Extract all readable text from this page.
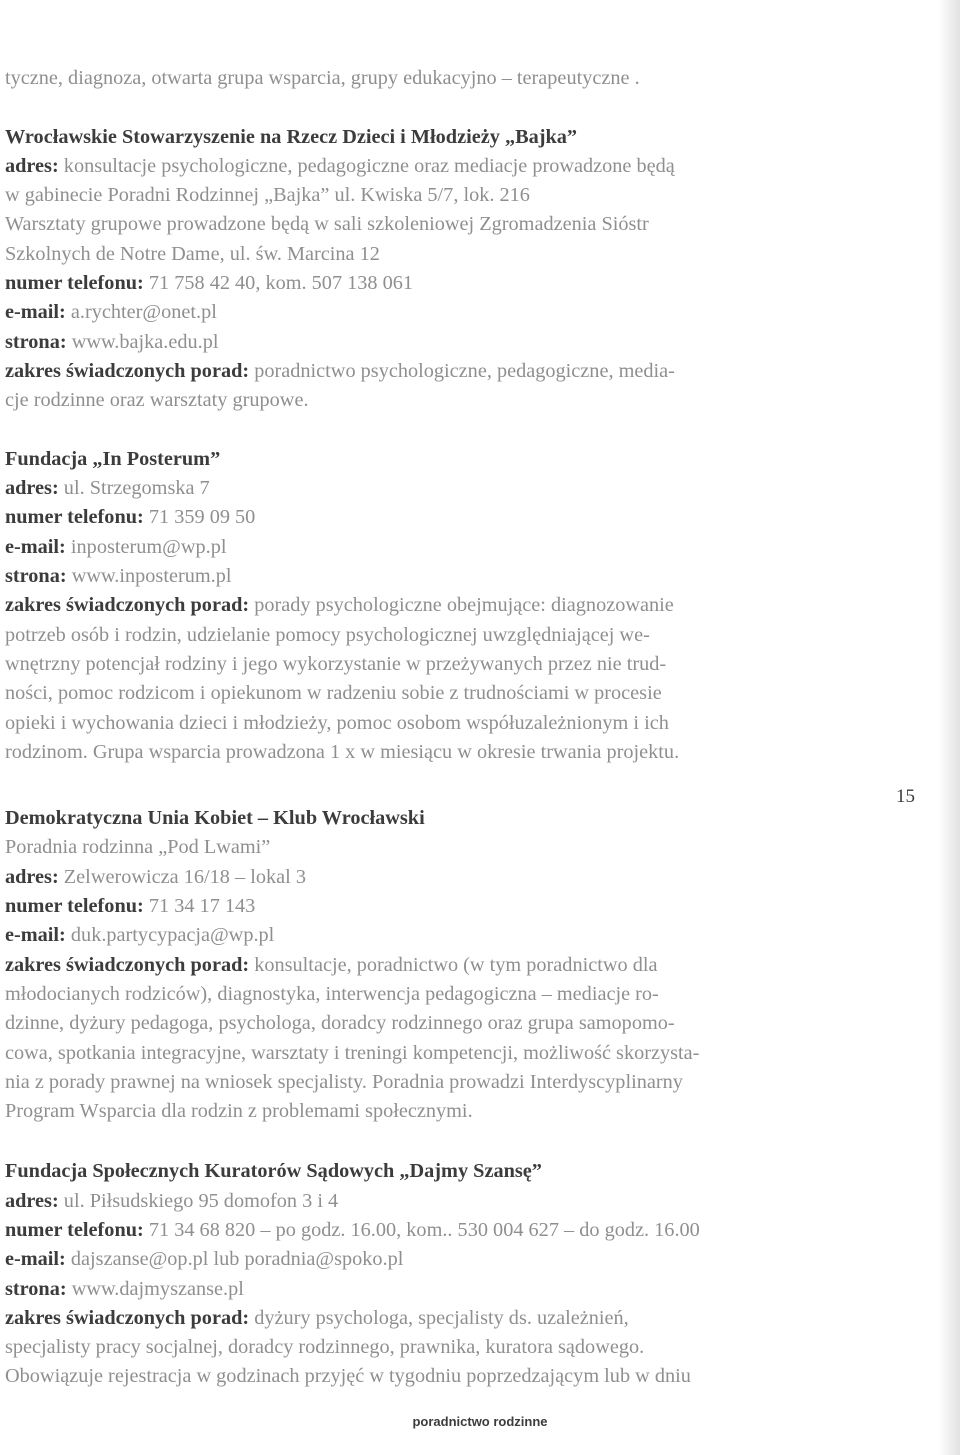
tyczne, diagnoza, otwarta grupa wsparcia, grupy edukacyjno – terapeutyczne .
Wrocławskie Stowarzyszenie na Rzecz Dzieci i Młodzieży „Bajka”
adres: konsultacje psychologiczne, pedagogiczne oraz mediacje prowadzone będą
w gabinecie Poradni Rodzinnej „Bajka” ul. Kwiska 5/7, lok. 216
Warsztaty grupowe prowadzone będą w sali szkoleniowej Zgromadzenia Sióstr
Szkolnych de Notre Dame, ul. św. Marcina 12
numer telefonu: 71 758 42 40, kom. 507 138 061
e-mail: a.rychter@onet.pl
strona: www.bajka.edu.pl
zakres świadczonych porad: poradnictwo psychologiczne, pedagogiczne, media-
cje rodzinne oraz warsztaty grupowe.
Fundacja „In Posterum”
adres: ul. Strzegomska 7
numer telefonu: 71 359 09 50
e-mail: inposterum@wp.pl
strona: www.inposterum.pl
zakres świadczonych porad: porady psychologiczne obejmujące: diagnozowanie
potrzeb osób i rodzin, udzielanie pomocy psychologicznej uwzględniającej we-
wnętrzny potencjał rodziny i jego wykorzystanie w przeżywanych przez nie trud-
ności, pomoc rodzicom i opiekunom w radzeniu sobie z trudnościami w procesie
opieki i wychowania dzieci i młodzieży, pomoc osobom współuzależnionym i ich
rodzinom. Grupa wsparcia prowadzona 1 x w miesiącu w okresie trwania projektu.
Demokratyczna Unia Kobiet – Klub Wrocławski
Poradnia rodzinna „Pod Lwami”
adres: Zelwerowicza 16/18 – lokal 3
numer telefonu: 71 34 17 143
e-mail: duk.partycypacja@wp.pl
zakres świadczonych porad: konsultacje, poradnictwo (w tym poradnictwo dla
młodocianych rodziców), diagnostyka, interwencja pedagogiczna – mediacje ro-
dzinne, dyżury pedagoga, psychologa, doradcy rodzinnego oraz grupa samopomo-
cowa, spotkania integracyjne, warsztaty i treningi kompetencji, możliwość skorzysta-
nia z porady prawnej na wniosek specjalisty. Poradnia prowadzi Interdyscyplinarny
Program Wsparcia dla rodzin z problemami społecznymi.
Fundacja Społecznych Kuratorów Sądowych „Dajmy Szansę”
adres: ul. Piłsudskiego 95 domofon 3 i 4
numer telefonu: 71 34 68 820 – po godz. 16.00, kom.. 530 004 627 – do godz. 16.00
e-mail: dajszanse@op.pl lub poradnia@spoko.pl
strona: www.dajmyszanse.pl
zakres świadczonych porad: dyżury psychologa, specjalisty ds. uzależnień,
specjalisty pracy socjalnej, doradcy rodzinnego, prawnika, kuratora sądowego.
Obowiązuje rejestracja w godzinach przyjęć w tygodniu poprzedzającym lub w dniu
15
poradnictwo rodzinne
